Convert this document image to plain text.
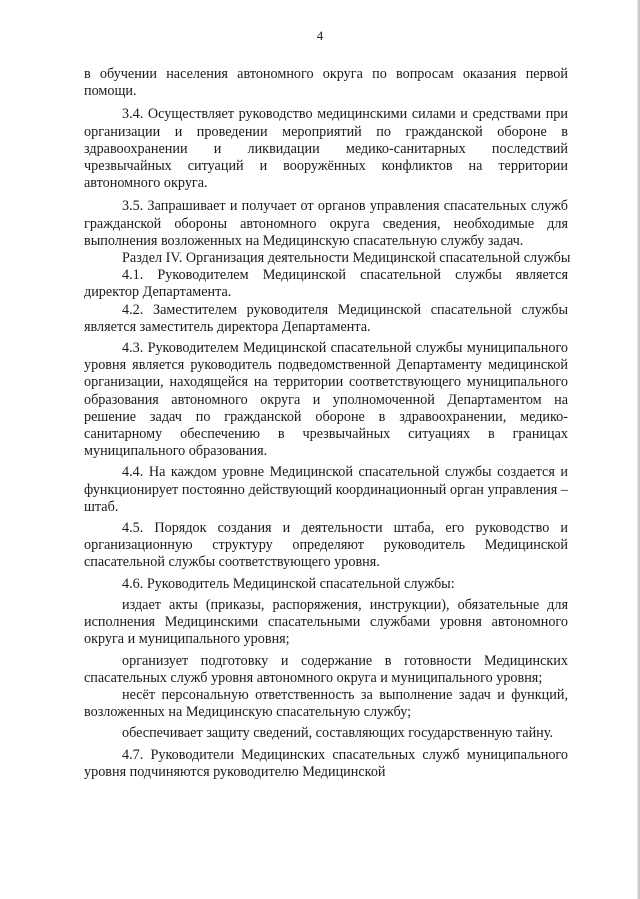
4

в обучении населения автономного округа по вопросам оказания первой помощи.

3.4. Осуществляет руководство медицинскими силами и средствами при организации и проведении мероприятий по гражданской обороне в здравоохранении и ликвидации медико-санитарных последствий чрезвычайных ситуаций и вооружённых конфликтов на территории автономного округа.

3.5. Запрашивает и получает от органов управления спасательных служб гражданской обороны автономного округа сведения, необходимые для выполнения возложенных на Медицинскую спасательную службу задач.

Раздел IV. Организация деятельности Медицинской спасательной службы

4.1. Руководителем Медицинской спасательной службы является директор Департамента.

4.2. Заместителем руководителя Медицинской спасательной службы является заместитель директора Департамента.

4.3. Руководителем Медицинской спасательной службы муниципального уровня является руководитель подведомственной Департаменту медицинской организации, находящейся на территории соответствующего муниципального образования автономного округа и уполномоченной Департаментом на решение задач по гражданской обороне в здравоохранении, медико-санитарному обеспечению в чрезвычайных ситуациях в границах муниципального образования.

4.4. На каждом уровне Медицинской спасательной службы создается и функционирует постоянно действующий координационный орган управления – штаб.

4.5. Порядок создания и деятельности штаба, его руководство и организационную структуру определяют руководитель Медицинской спасательной службы соответствующего уровня.

4.6. Руководитель Медицинской спасательной службы:

издает акты (приказы, распоряжения, инструкции), обязательные для исполнения Медицинскими спасательными службами уровня автономного округа и муниципального уровня;

организует подготовку и содержание в готовности Медицинских спасательных служб уровня автономного округа и муниципального уровня;

несёт персональную ответственность за выполнение задач и функций, возложенных на Медицинскую спасательную службу;

обеспечивает защиту сведений, составляющих государственную тайну.

4.7. Руководители Медицинских спасательных служб муниципального уровня подчиняются руководителю Медицинской
